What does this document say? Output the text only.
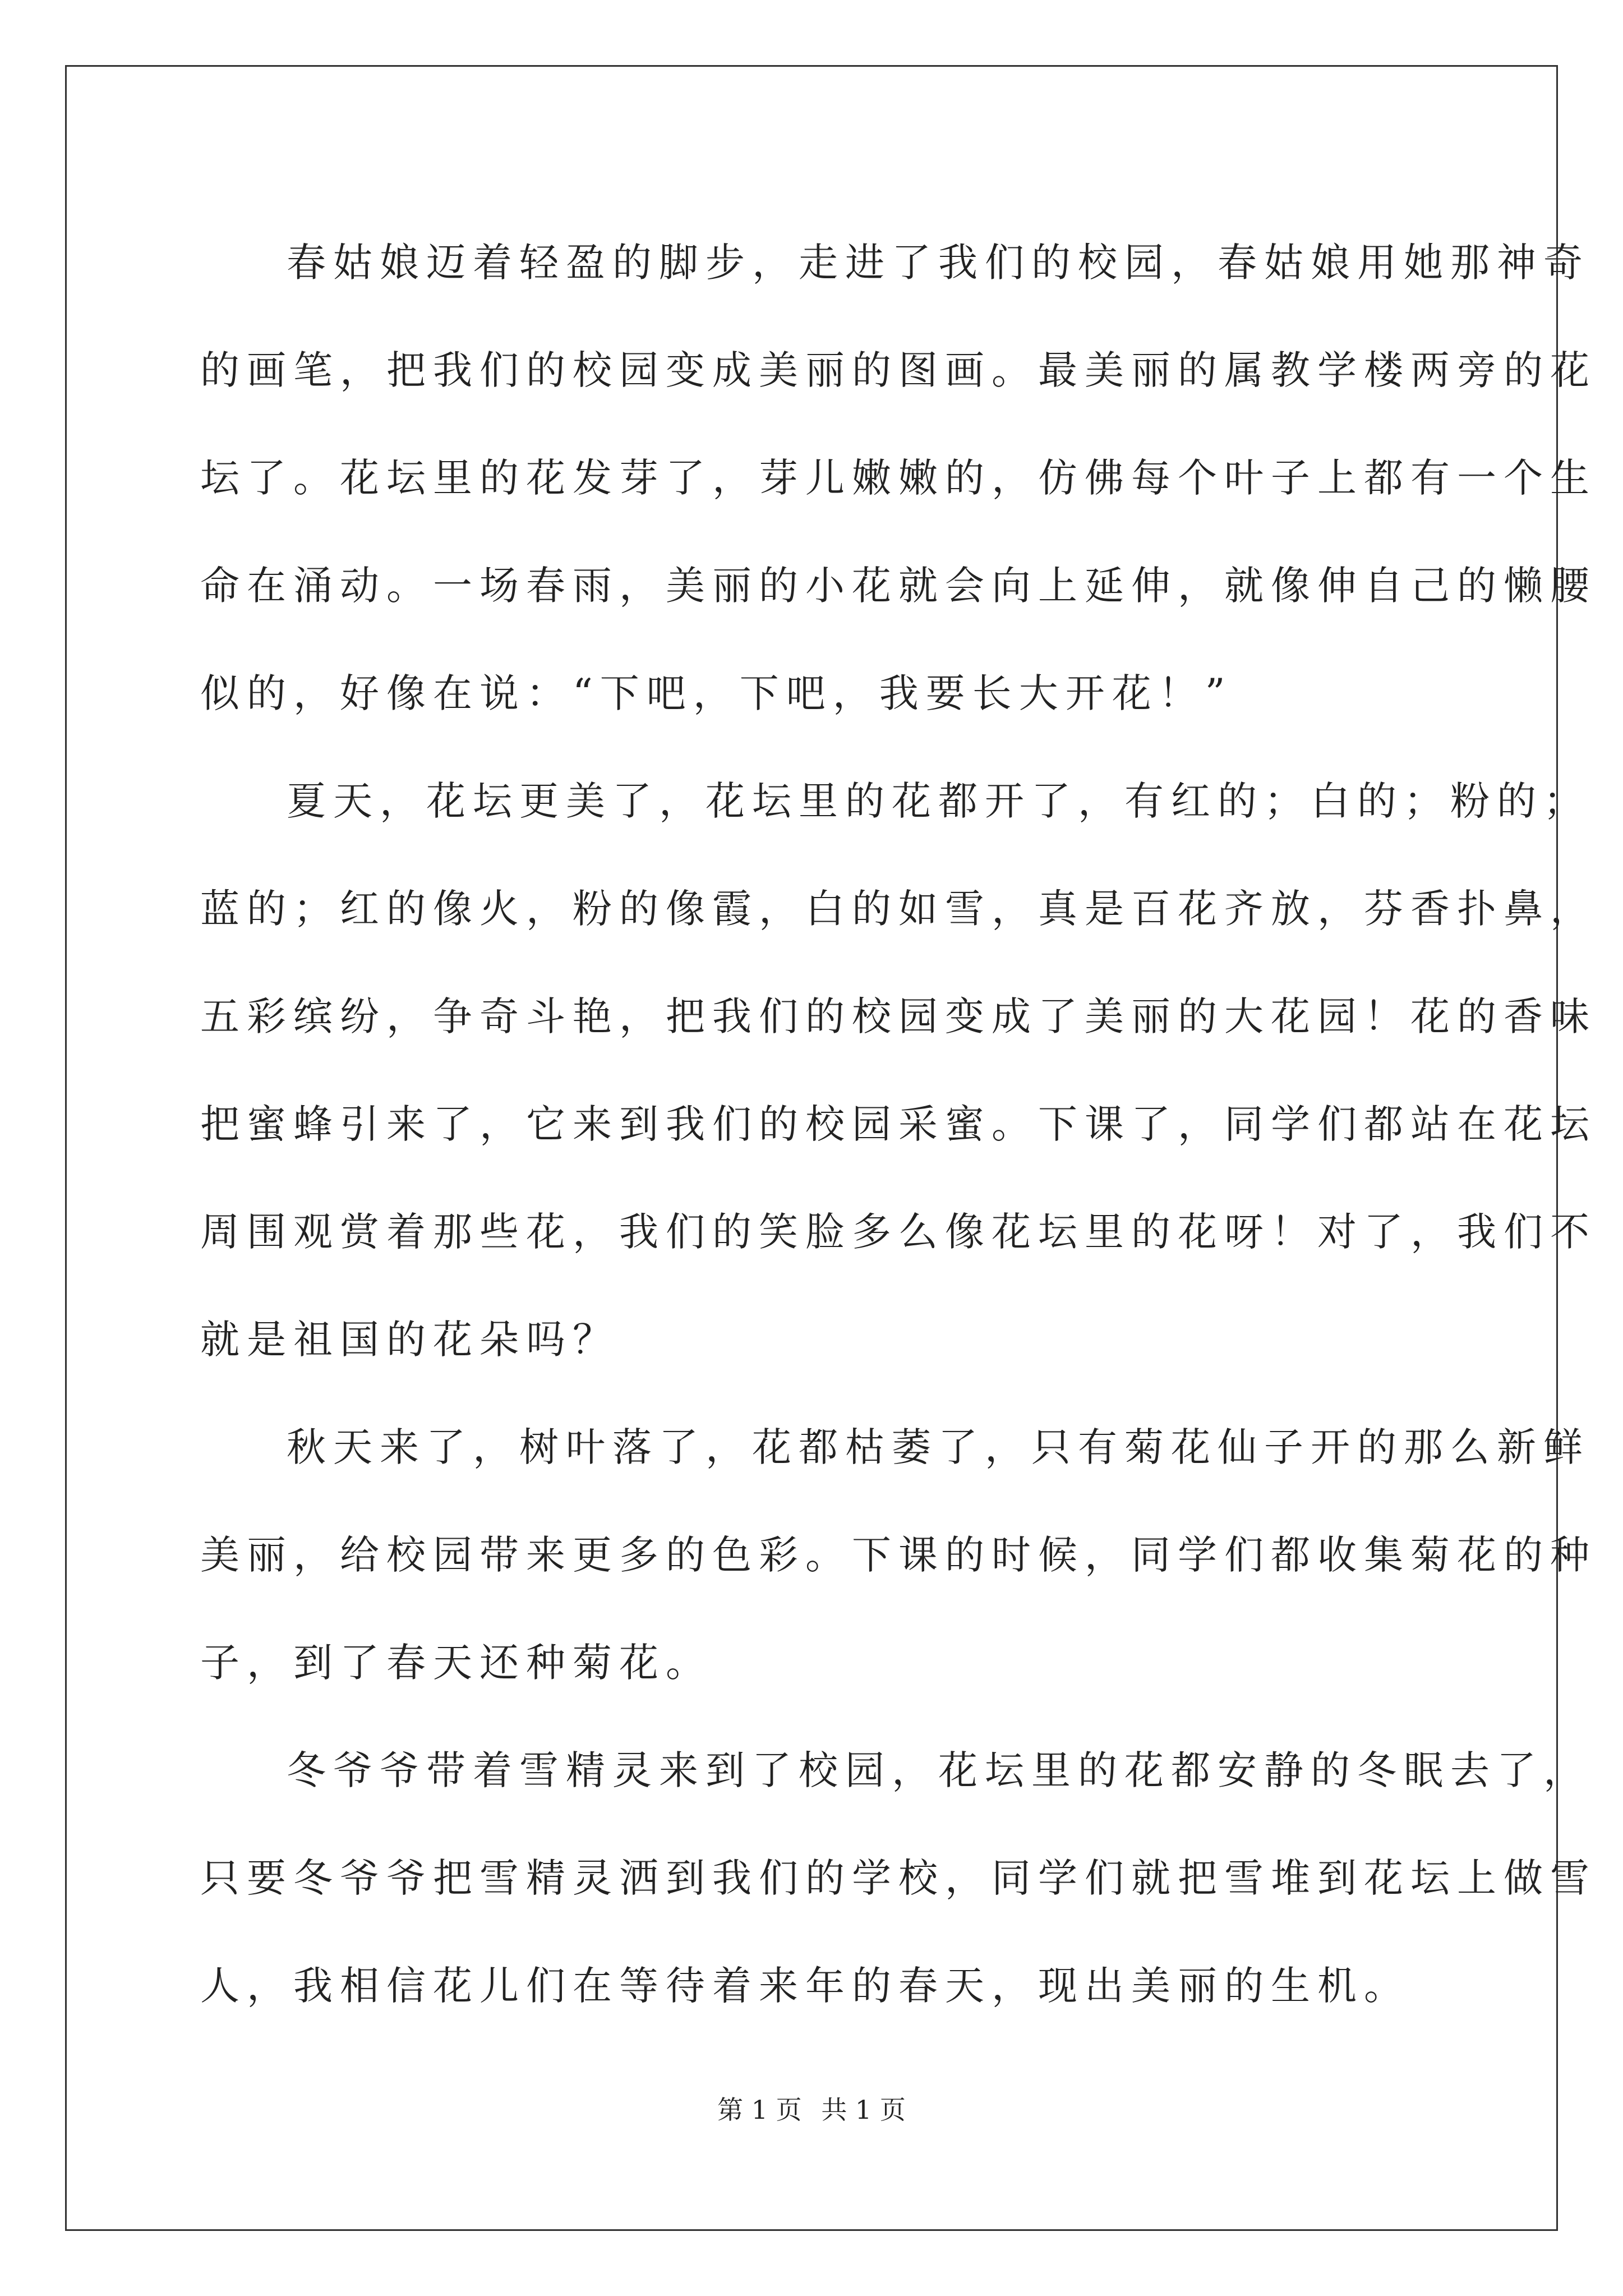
春姑娘迈着轻盈的脚步，走进了我们的校园，春姑娘用她那神奇
的画笔，把我们的校园变成美丽的图画。最美丽的属教学楼两旁的花
坛了。花坛里的花发芽了，芽儿嫩嫩的，仿佛每个叶子上都有一个生
命在涌动。一场春雨，美丽的小花就会向上延伸，就像伸自己的懒腰
似的，好像在说：“下吧，下吧，我要长大开花！”
夏天，花坛更美了，花坛里的花都开了，有红的；白的；粉的；
蓝的；红的像火，粉的像霞，白的如雪，真是百花齐放，芬香扑鼻，
五彩缤纷，争奇斗艳，把我们的校园变成了美丽的大花园！花的香味
把蜜蜂引来了，它来到我们的校园采蜜。下课了，同学们都站在花坛
周围观赏着那些花，我们的笑脸多么像花坛里的花呀！对了，我们不
就是祖国的花朵吗？
秋天来了，树叶落了，花都枯萎了，只有菊花仙子开的那么新鲜
美丽，给校园带来更多的色彩。下课的时候，同学们都收集菊花的种
子，到了春天还种菊花。
冬爷爷带着雪精灵来到了校园，花坛里的花都安静的冬眠去了，
只要冬爷爷把雪精灵洒到我们的学校，同学们就把雪堆到花坛上做雪
人，我相信花儿们在等待着来年的春天，现出美丽的生机。
第 1 页 共 1 页
